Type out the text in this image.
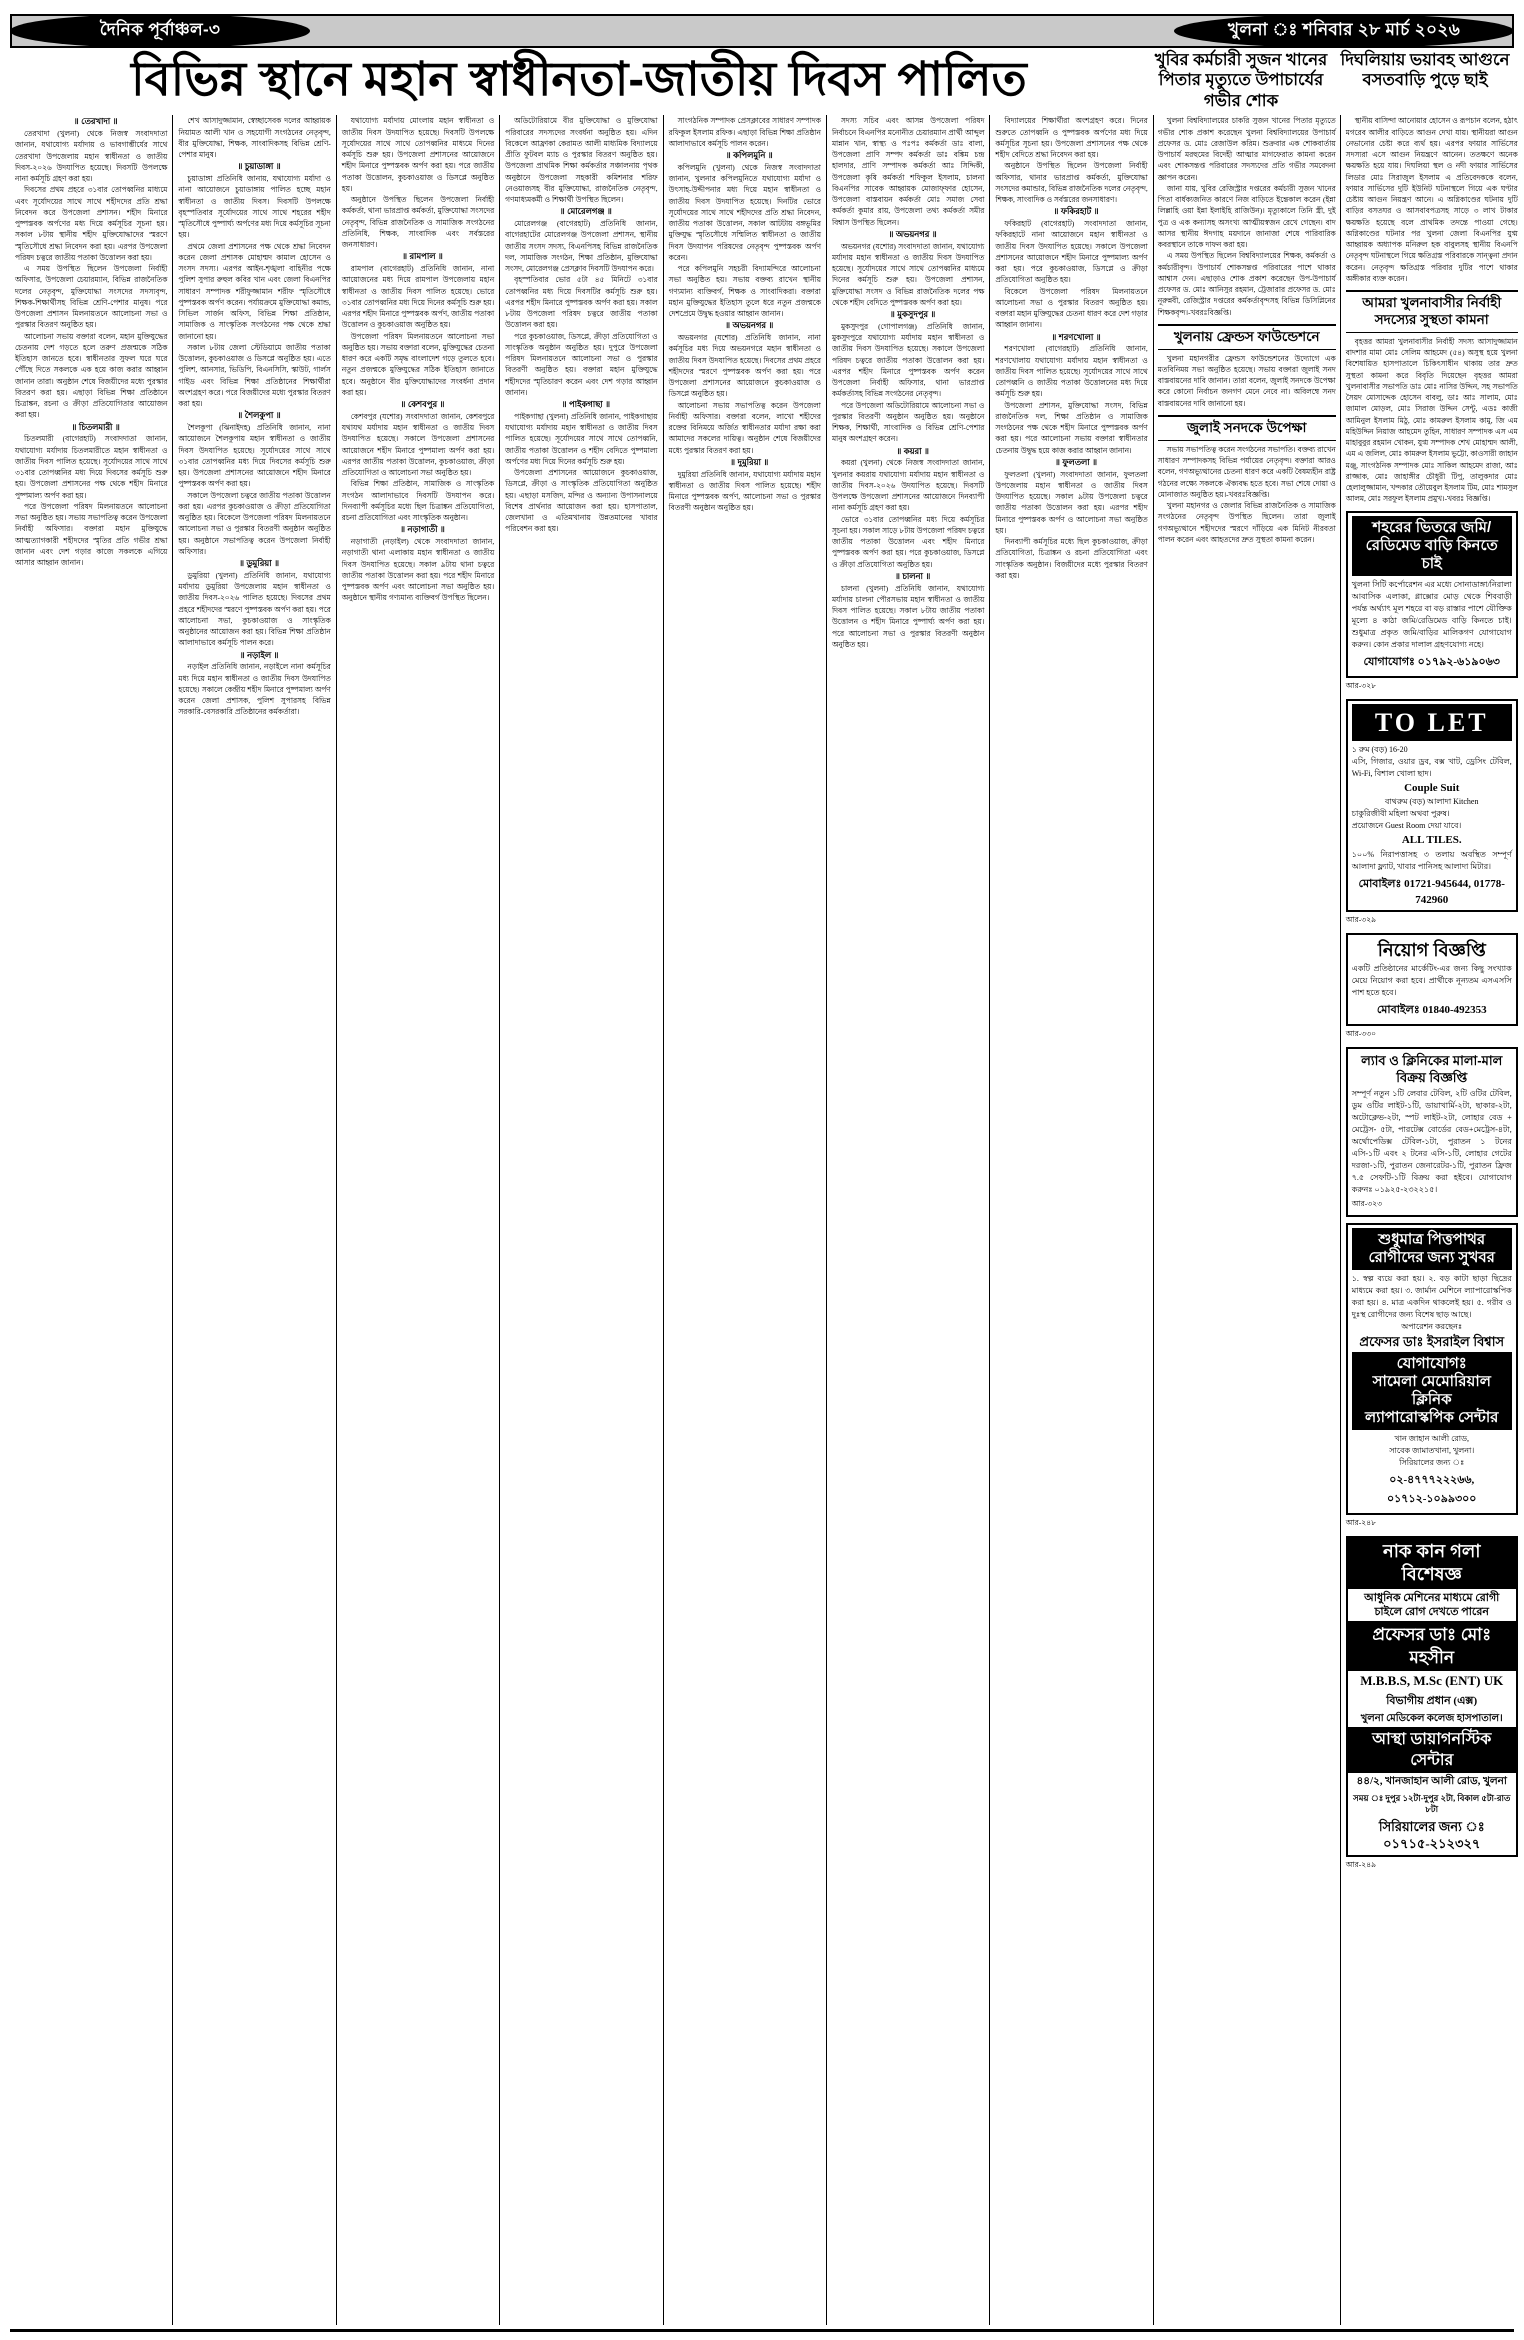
দৈনিক পূর্বাঞ্চল-৩	খুলনা ঃ শনিবার ২৮ মার্চ ২০২৬
বিভিন্ন স্থানে মহান স্বাধীনতা-জাতীয় দিবস পালিত	খুবির কর্মচারী সুজন খানের পিতার মৃত্যুতে উপাচার্যের গভীর শোক
দিঘলিয়ায় ভয়াবহ আগুনে বসতবাড়ি পুড়ে ছাই

॥ তেরখাদা ॥

তেরখাদা (খুলনা) থেকে নিজস্ব সংবাদদাতা জানান, যথাযোগ্য মর্যাদায় ও ভাবগাম্ভীর্যের সাথে তেরখাদা উপজেলায় মহান স্বাধীনতা ও জাতীয় দিবস-২০২৬ উদযাপিত হয়েছে। দিবসটি উপলক্ষে নানা কর্মসূচি গ্রহণ করা হয়।

দিবসের প্রথম প্রহরে ৩১বার তোপধ্বনির মাধ্যমে এবং সূর্যোদয়ের সাথে সাথে শহীদদের প্রতি শ্রদ্ধা নিবেদন করে উপজেলা প্রশাসন। শহীদ মিনারে পুষ্পস্তবক অর্পণের মধ্য দিয়ে কর্মসূচির সূচনা হয়। সকাল ৮টায় স্থানীয় শহীদ মুক্তিযোদ্ধাদের স্মরণে স্মৃতিসৌধে শ্রদ্ধা নিবেদন করা হয়। এরপর উপজেলা পরিষদ চত্বরে জাতীয় পতাকা উত্তোলন করা হয়।

এ সময় উপস্থিত ছিলেন উপজেলা নির্বাহী অফিসার, উপজেলা চেয়ারম্যান, বিভিন্ন রাজনৈতিক দলের নেতৃবৃন্দ, মুক্তিযোদ্ধা সংসদের সদস্যবৃন্দ, শিক্ষক-শিক্ষার্থীসহ বিভিন্ন শ্রেণি-পেশার মানুষ। পরে উপজেলা প্রশাসন মিলনায়তনে আলোচনা সভা ও পুরস্কার বিতরণ অনুষ্ঠিত হয়।

আলোচনা সভায় বক্তারা বলেন, মহান মুক্তিযুদ্ধের চেতনায় দেশ গড়তে হলে তরুণ প্রজন্মকে সঠিক ইতিহাস জানতে হবে। স্বাধীনতার সুফল ঘরে ঘরে পৌঁছে দিতে সকলকে এক হয়ে কাজ করার আহ্বান জানান তারা। অনুষ্ঠান শেষে বিজয়ীদের মধ্যে পুরস্কার বিতরণ করা হয়। এছাড়া বিভিন্ন শিক্ষা প্রতিষ্ঠানে চিত্রাঙ্কন, রচনা ও ক্রীড়া প্রতিযোগিতার আয়োজন করা হয়।

॥ চিতলমারী ॥

চিতলমারী (বাগেরহাট) সংবাদদাতা জানান, যথাযোগ্য মর্যাদায় চিতলমারীতে মহান স্বাধীনতা ও জাতীয় দিবস পালিত হয়েছে। সূর্যোদয়ের সাথে সাথে ৩১বার তোপধ্বনির মধ্য দিয়ে দিবসের কর্মসূচি শুরু হয়। উপজেলা প্রশাসনের পক্ষ থেকে শহীদ মিনারে পুষ্পমাল্য অর্পণ করা হয়।

পরে উপজেলা পরিষদ মিলনায়তনে আলোচনা সভা অনুষ্ঠিত হয়। সভায় সভাপতিত্ব করেন উপজেলা নির্বাহী অফিসার। বক্তারা মহান মুক্তিযুদ্ধে আত্মত্যাগকারী শহীদদের স্মৃতির প্রতি গভীর শ্রদ্ধা জানান এবং দেশ গড়ার কাজে সকলকে এগিয়ে আসার আহ্বান জানান।

শেখ আসাদুজ্জামান, স্বেচ্ছাসেবক দলের আহ্বায়ক নিয়ামত আলী খান ও সহযোগী সংগঠনের নেতৃবৃন্দ, বীর মুক্তিযোদ্ধা, শিক্ষক, সাংবাদিকসহ বিভিন্ন শ্রেণি-পেশার মানুষ।

॥ চুয়াডাঙ্গা ॥

চুয়াডাঙ্গা প্রতিনিধি জানায়, যথাযোগ্য মর্যাদা ও নানা আয়োজনে চুয়াডাঙ্গায় পালিত হচ্ছে মহান স্বাধীনতা ও জাতীয় দিবস। দিবসটি উপলক্ষে বৃহস্পতিবার সূর্যোদয়ের সাথে সাথে শহরের শহীদ স্মৃতিসৌধে পুষ্পার্ঘ্য অর্পণের মধ্য দিয়ে কর্মসূচির সূচনা হয়।

প্রথমে জেলা প্রশাসনের পক্ষ থেকে শ্রদ্ধা নিবেদন করেন জেলা প্রশাসক মোহাম্মদ কামাল হোসেন ও সংসদ সদস্য। এরপর আইন-শৃঙ্খলা বাহিনীর পক্ষে পুলিশ সুপার রুহুল কবির খান এবং জেলা বিএনপির সাধারণ সম্পাদক শরীফুজ্জামান শরীফ স্মৃতিসৌধে পুষ্পস্তবক অর্পণ করেন। পর্যায়ক্রমে মুক্তিযোদ্ধা কমান্ড, সিভিল সার্জন অফিস, বিভিন্ন শিক্ষা প্রতিষ্ঠান, সামাজিক ও সাংস্কৃতিক সংগঠনের পক্ষ থেকে শ্রদ্ধা জানানো হয়।

সকাল ৮টায় জেলা স্টেডিয়ামে জাতীয় পতাকা উত্তোলন, কুচকাওয়াজ ও ডিসপ্লে অনুষ্ঠিত হয়। এতে পুলিশ, আনসার, ভিডিপি, বিএনসিসি, স্কাউট, গার্লস গাইড এবং বিভিন্ন শিক্ষা প্রতিষ্ঠানের শিক্ষার্থীরা অংশগ্রহণ করে। পরে বিজয়ীদের মধ্যে পুরস্কার বিতরণ করা হয়।

॥ শৈলকুপা ॥

শৈলকুপা (ঝিনাইদহ) প্রতিনিধি জানান, নানা আয়োজনে শৈলকুপায় মহান স্বাধীনতা ও জাতীয় দিবস উদযাপিত হয়েছে। সূর্যোদয়ের সাথে সাথে ৩১বার তোপধ্বনির মধ্য দিয়ে দিবসের কর্মসূচি শুরু হয়। উপজেলা প্রশাসনের আয়োজনে শহীদ মিনারে পুষ্পস্তবক অর্পণ করা হয়।

সকালে উপজেলা চত্বরে জাতীয় পতাকা উত্তোলন করা হয়। এরপর কুচকাওয়াজ ও ক্রীড়া প্রতিযোগিতা অনুষ্ঠিত হয়। বিকেলে উপজেলা পরিষদ মিলনায়তনে আলোচনা সভা ও পুরস্কার বিতরণী অনুষ্ঠান অনুষ্ঠিত হয়। অনুষ্ঠানে সভাপতিত্ব করেন উপজেলা নির্বাহী অফিসার।

॥ ডুমুরিয়া ॥

ডুমুরিয়া (খুলনা) প্রতিনিধি জানান, যথাযোগ্য মর্যাদায় ডুমুরিয়া উপজেলায় মহান স্বাধীনতা ও জাতীয় দিবস-২০২৬ পালিত হয়েছে। দিবসের প্রথম প্রহরে শহীদদের স্মরণে পুষ্পস্তবক অর্পণ করা হয়। পরে আলোচনা সভা, কুচকাওয়াজ ও সাংস্কৃতিক অনুষ্ঠানের আয়োজন করা হয়। বিভিন্ন শিক্ষা প্রতিষ্ঠান আলাদাভাবে কর্মসূচি পালন করে।

॥ নড়াইল ॥

নড়াইল প্রতিনিধি জানান, নড়াইলে নানা কর্মসূচির মধ্য দিয়ে মহান স্বাধীনতা ও জাতীয় দিবস উদযাপিত হয়েছে। সকালে কেন্দ্রীয় শহীদ মিনারে পুষ্পমাল্য অর্পণ করেন জেলা প্রশাসক, পুলিশ সুপারসহ বিভিন্ন সরকারি-বেসরকারি প্রতিষ্ঠানের কর্মকর্তারা।

যথাযোগ্য মর্যাদায় মোংলায় মহান স্বাধীনতা ও জাতীয় দিবস উদযাপিত হয়েছে। দিবসটি উপলক্ষে সূর্যোদয়ের সাথে সাথে তোপধ্বনির মাধ্যমে দিনের কর্মসূচি শুরু হয়। উপজেলা প্রশাসনের আয়োজনে শহীদ মিনারে পুষ্পস্তবক অর্পণ করা হয়। পরে জাতীয় পতাকা উত্তোলন, কুচকাওয়াজ ও ডিসপ্লে অনুষ্ঠিত হয়।

অনুষ্ঠানে উপস্থিত ছিলেন উপজেলা নির্বাহী কর্মকর্তা, থানা ভারপ্রাপ্ত কর্মকর্তা, মুক্তিযোদ্ধা সংসদের নেতৃবৃন্দ, বিভিন্ন রাজনৈতিক ও সামাজিক সংগঠনের প্রতিনিধি, শিক্ষক, সাংবাদিক এবং সর্বস্তরের জনসাধারণ।

॥ রামপাল ॥

রামপাল (বাগেরহাট) প্রতিনিধি জানান, নানা আয়োজনের মধ্য দিয়ে রামপাল উপজেলায় মহান স্বাধীনতা ও জাতীয় দিবস পালিত হয়েছে। ভোরে ৩১বার তোপধ্বনির মধ্য দিয়ে দিনের কর্মসূচি শুরু হয়। এরপর শহীদ মিনারে পুষ্পস্তবক অর্পণ, জাতীয় পতাকা উত্তোলন ও কুচকাওয়াজ অনুষ্ঠিত হয়।

উপজেলা পরিষদ মিলনায়তনে আলোচনা সভা অনুষ্ঠিত হয়। সভায় বক্তারা বলেন, মুক্তিযুদ্ধের চেতনা ধারণ করে একটি সমৃদ্ধ বাংলাদেশ গড়ে তুলতে হবে। নতুন প্রজন্মকে মুক্তিযুদ্ধের সঠিক ইতিহাস জানাতে হবে। অনুষ্ঠানে বীর মুক্তিযোদ্ধাদের সংবর্ধনা প্রদান করা হয়।

॥ কেশবপুর ॥

কেশবপুর (যশোর) সংবাদদাতা জানান, কেশবপুরে যথাযথ মর্যাদায় মহান স্বাধীনতা ও জাতীয় দিবস উদযাপিত হয়েছে। সকালে উপজেলা প্রশাসনের আয়োজনে শহীদ মিনারে পুষ্পমাল্য অর্পণ করা হয়। এরপর জাতীয় পতাকা উত্তোলন, কুচকাওয়াজ, ক্রীড়া প্রতিযোগিতা ও আলোচনা সভা অনুষ্ঠিত হয়।

বিভিন্ন শিক্ষা প্রতিষ্ঠান, সামাজিক ও সাংস্কৃতিক সংগঠন আলাদাভাবে দিবসটি উদযাপন করে। দিনব্যাপী কর্মসূচির মধ্যে ছিল চিত্রাঙ্কন প্রতিযোগিতা, রচনা প্রতিযোগিতা এবং সাংস্কৃতিক অনুষ্ঠান।

॥ নড়াগাতী ॥

নড়াগাতী (নড়াইল) থেকে সংবাদদাতা জানান, নড়াগাতী থানা এলাকায় মহান স্বাধীনতা ও জাতীয় দিবস উদযাপিত হয়েছে। সকাল ৯টায় থানা চত্বরে জাতীয় পতাকা উত্তোলন করা হয়। পরে শহীদ মিনারে পুষ্পস্তবক অর্পণ এবং আলোচনা সভা অনুষ্ঠিত হয়। অনুষ্ঠানে স্থানীয় গণ্যমান্য ব্যক্তিবর্গ উপস্থিত ছিলেন।

অডিটোরিয়ামে বীর মুক্তিযোদ্ধা ও মুক্তিযোদ্ধা পরিবারের সদস্যদের সংবর্ধনা অনুষ্ঠিত হয়। এদিন বিকেলে আফ্রাকা কেরামত আলী মাধ্যমিক বিদ্যালয়ে প্রীতি ফুটবল ম্যাচ ও পুরস্কার বিতরণ অনুষ্ঠিত হয়। উপজেলা প্রাথমিক শিক্ষা কর্মকর্তার সঞ্চালনায় পৃথক অনুষ্ঠানে উপজেলা সহকারী কমিশনার শরিফ নেওয়াজসহ বীর মুক্তিযোদ্ধা, রাজনৈতিক নেতৃবৃন্দ, গণমাধ্যমকর্মী ও শিক্ষার্থী উপস্থিত ছিলেন।

॥ মোরেলগঞ্জ ॥

মোরেলগঞ্জ (বাগেরহাট) প্রতিনিধি জানান, বাগেরহাটের মোরেলগঞ্জ উপজেলা প্রশাসন, স্থানীয় জাতীয় সংসদ সদস্য, বিএনপিসহ বিভিন্ন রাজনৈতিক দল, সামাজিক সংগঠন, শিক্ষা প্রতিষ্ঠান, মুক্তিযোদ্ধা সংসদ, মোরেলগঞ্জ প্রেসক্লাব দিবসটি উদযাপন করে।

বৃহস্পতিবার ভোর ৫টা ৪৫ মিনিটে ৩১বার তোপধ্বনির মধ্য দিয়ে দিবসটির কর্মসূচি শুরু হয়। এরপর শহীদ মিনারে পুষ্পস্তবক অর্পণ করা হয়। সকাল ৮টায় উপজেলা পরিষদ চত্বরে জাতীয় পতাকা উত্তোলন করা হয়।

পরে কুচকাওয়াজ, ডিসপ্লে, ক্রীড়া প্রতিযোগিতা ও সাংস্কৃতিক অনুষ্ঠান অনুষ্ঠিত হয়। দুপুরে উপজেলা পরিষদ মিলনায়তনে আলোচনা সভা ও পুরস্কার বিতরণী অনুষ্ঠিত হয়। বক্তারা মহান মুক্তিযুদ্ধে শহীদদের স্মৃতিচারণ করেন এবং দেশ গড়ার আহ্বান জানান।

॥ পাইকগাছা ॥

পাইকগাছা (খুলনা) প্রতিনিধি জানান, পাইকগাছায় যথাযোগ্য মর্যাদায় মহান স্বাধীনতা ও জাতীয় দিবস পালিত হয়েছে। সূর্যোদয়ের সাথে সাথে তোপধ্বনি, জাতীয় পতাকা উত্তোলন ও শহীদ বেদিতে পুষ্পমাল্য অর্পণের মধ্য দিয়ে দিনের কর্মসূচি শুরু হয়।

উপজেলা প্রশাসনের আয়োজনে কুচকাওয়াজ, ডিসপ্লে, ক্রীড়া ও সাংস্কৃতিক প্রতিযোগিতা অনুষ্ঠিত হয়। এছাড়া মসজিদ, মন্দির ও অন্যান্য উপাসনালয়ে বিশেষ প্রার্থনার আয়োজন করা হয়। হাসপাতাল, জেলখানা ও এতিমখানায় উন্নতমানের খাবার পরিবেশন করা হয়।

সাংগঠনিক সম্পাদক প্রেসক্লাবের সাধারণ সম্পাদক রফিকুল ইসলাম রফিক। এছাড়া বিভিন্ন শিক্ষা প্রতিষ্ঠান আলাদাভাবে কর্মসূচি পালন করেন।

॥ কপিলমুনি ॥

কপিলমুনি (খুলনা) থেকে নিজস্ব সংবাদদাতা জানান, খুলনার কপিলমুনিতে যথাযোগ্য মর্যাদা ও উৎসাহ-উদ্দীপনার মধ্য দিয়ে মহান স্বাধীনতা ও জাতীয় দিবস উদযাপিত হয়েছে। দিনটির ভোরে সূর্যোদয়ের সাথে সাথে শহীদদের প্রতি শ্রদ্ধা নিবেদন, জাতীয় পতাকা উত্তোলন, সকাল আটটায় বঙ্গভূমির মুক্তিযুদ্ধ স্মৃতিসৌধে সম্মিলিত স্বাধীনতা ও জাতীয় দিবস উদযাপন পরিষদের নেতৃবৃন্দ পুষ্পস্তবক অর্পণ করেন।

পরে কপিলমুনি সহচরী বিদ্যামন্দিরে আলোচনা সভা অনুষ্ঠিত হয়। সভায় বক্তব্য রাখেন স্থানীয় গণ্যমান্য ব্যক্তিবর্গ, শিক্ষক ও সাংবাদিকরা। বক্তারা মহান মুক্তিযুদ্ধের ইতিহাস তুলে ধরে নতুন প্রজন্মকে দেশপ্রেমে উদ্বুদ্ধ হওয়ার আহ্বান জানান।

॥ অভয়নগর ॥

অভয়নগর (যশোর) প্রতিনিধি জানান, নানা কর্মসূচির মধ্য দিয়ে অভয়নগরে মহান স্বাধীনতা ও জাতীয় দিবস উদযাপিত হয়েছে। দিবসের প্রথম প্রহরে শহীদদের স্মরণে পুষ্পস্তবক অর্পণ করা হয়। পরে উপজেলা প্রশাসনের আয়োজনে কুচকাওয়াজ ও ডিসপ্লে অনুষ্ঠিত হয়।

আলোচনা সভায় সভাপতিত্ব করেন উপজেলা নির্বাহী অফিসার। বক্তারা বলেন, লাখো শহীদের রক্তের বিনিময়ে অর্জিত স্বাধীনতার মর্যাদা রক্ষা করা আমাদের সকলের দায়িত্ব। অনুষ্ঠান শেষে বিজয়ীদের মধ্যে পুরস্কার বিতরণ করা হয়।

॥ দুমুরিয়া ॥

দুমুরিয়া প্রতিনিধি জানান, যথাযোগ্য মর্যাদায় মহান স্বাধীনতা ও জাতীয় দিবস পালিত হয়েছে। শহীদ মিনারে পুষ্পস্তবক অর্পণ, আলোচনা সভা ও পুরস্কার বিতরণী অনুষ্ঠান অনুষ্ঠিত হয়।

সদস্য সচিব এবং আসন্ন উপজেলা পরিষদ নির্বাচনে বিএনপির মনোনীত চেয়ারম্যান প্রার্থী আব্দুল মান্নান খান, স্বাস্থ্য ও পঃপঃ কর্মকর্তা ডাঃ বালা, উপজেলা প্রাণি সম্পদ কর্মকর্তা ডাঃ বঙ্কিম চন্দ্র হালদার, প্রাণি সম্পাদক কর্মকর্তা আঃ সিদ্দিকী, উপজেলা কৃষি কর্মকর্তা শফিকুল ইসলাম, চালনা বিএনপির সাবেক আহ্বায়ক মোজাফ্ফার হোসেন, উপজেলা বাস্তবায়ন কর্মকর্তা মোঃ সমাজ সেবা কর্মকর্তা কুমার রায়, উপজেলা তথ্য কর্মকর্তা সমীর বিশ্বাস উপস্থিত ছিলেন।

॥ অভয়নগর ॥

অভয়নগর (যশোর) সংবাদদাতা জানান, যথাযোগ্য মর্যাদায় মহান স্বাধীনতা ও জাতীয় দিবস উদযাপিত হয়েছে। সূর্যোদয়ের সাথে সাথে তোপধ্বনির মাধ্যমে দিনের কর্মসূচি শুরু হয়। উপজেলা প্রশাসন, মুক্তিযোদ্ধা সংসদ ও বিভিন্ন রাজনৈতিক দলের পক্ষ থেকে শহীদ বেদিতে পুষ্পস্তবক অর্পণ করা হয়।

॥ মুকসুদপুর ॥

মুকসুদপুর (গোপালগঞ্জ) প্রতিনিধি জানান, মুকসুদপুরে যথাযোগ্য মর্যাদায় মহান স্বাধীনতা ও জাতীয় দিবস উদযাপিত হয়েছে। সকালে উপজেলা পরিষদ চত্বরে জাতীয় পতাকা উত্তোলন করা হয়। এরপর শহীদ মিনারে পুষ্পস্তবক অর্পণ করেন উপজেলা নির্বাহী অফিসার, থানা ভারপ্রাপ্ত কর্মকর্তাসহ বিভিন্ন সংগঠনের নেতৃবৃন্দ।

পরে উপজেলা অডিটোরিয়ামে আলোচনা সভা ও পুরস্কার বিতরণী অনুষ্ঠান অনুষ্ঠিত হয়। অনুষ্ঠানে শিক্ষক, শিক্ষার্থী, সাংবাদিক ও বিভিন্ন শ্রেণি-পেশার মানুষ অংশগ্রহণ করেন।

॥ কয়রা ॥

কয়রা (খুলনা) থেকে নিজস্ব সংবাদদাতা জানান, খুলনার কয়রায় যথাযোগ্য মর্যাদায় মহান স্বাধীনতা ও জাতীয় দিবস-২০২৬ উদযাপিত হয়েছে। দিবসটি উপলক্ষে উপজেলা প্রশাসনের আয়োজনে দিনব্যাপী নানা কর্মসূচি গ্রহণ করা হয়।

ভোরে ৩১বার তোপধ্বনির মধ্য দিয়ে কর্মসূচির সূচনা হয়। সকাল সাড়ে ৮টায় উপজেলা পরিষদ চত্বরে জাতীয় পতাকা উত্তোলন এবং শহীদ মিনারে পুষ্পস্তবক অর্পণ করা হয়। পরে কুচকাওয়াজ, ডিসপ্লে ও ক্রীড়া প্রতিযোগিতা অনুষ্ঠিত হয়।

॥ চালনা ॥

চালনা (খুলনা) প্রতিনিধি জানান, যথাযোগ্য মর্যাদায় চালনা পৌরসভায় মহান স্বাধীনতা ও জাতীয় দিবস পালিত হয়েছে। সকাল ৮টায় জাতীয় পতাকা উত্তোলন ও শহীদ মিনারে পুষ্পার্ঘ্য অর্পণ করা হয়। পরে আলোচনা সভা ও পুরস্কার বিতরণী অনুষ্ঠান অনুষ্ঠিত হয়।

বিদ্যালয়ের শিক্ষার্থীরা অংশগ্রহণ করে। দিনের শুরুতে তোপধ্বনি ও পুষ্পস্তবক অর্পণের মধ্য দিয়ে কর্মসূচির সূচনা হয়। উপজেলা প্রশাসনের পক্ষ থেকে শহীদ বেদিতে শ্রদ্ধা নিবেদন করা হয়।

অনুষ্ঠানে উপস্থিত ছিলেন উপজেলা নির্বাহী অফিসার, থানার ভারপ্রাপ্ত কর্মকর্তা, মুক্তিযোদ্ধা সংসদের কমান্ডার, বিভিন্ন রাজনৈতিক দলের নেতৃবৃন্দ, শিক্ষক, সাংবাদিক ও সর্বস্তরের জনসাধারণ।

॥ ফকিরহাট ॥

ফকিরহাট (বাগেরহাট) সংবাদদাতা জানান, ফকিরহাটে নানা আয়োজনে মহান স্বাধীনতা ও জাতীয় দিবস উদযাপিত হয়েছে। সকালে উপজেলা প্রশাসনের আয়োজনে শহীদ মিনারে পুষ্পমাল্য অর্পণ করা হয়। পরে কুচকাওয়াজ, ডিসপ্লে ও ক্রীড়া প্রতিযোগিতা অনুষ্ঠিত হয়।

বিকেলে উপজেলা পরিষদ মিলনায়তনে আলোচনা সভা ও পুরস্কার বিতরণ অনুষ্ঠিত হয়। বক্তারা মহান মুক্তিযুদ্ধের চেতনা ধারণ করে দেশ গড়ার আহ্বান জানান।

॥ শরণখোলা ॥

শরণখোলা (বাগেরহাট) প্রতিনিধি জানান, শরণখোলায় যথাযোগ্য মর্যাদায় মহান স্বাধীনতা ও জাতীয় দিবস পালিত হয়েছে। সূর্যোদয়ের সাথে সাথে তোপধ্বনি ও জাতীয় পতাকা উত্তোলনের মধ্য দিয়ে কর্মসূচি শুরু হয়।

উপজেলা প্রশাসন, মুক্তিযোদ্ধা সংসদ, বিভিন্ন রাজনৈতিক দল, শিক্ষা প্রতিষ্ঠান ও সামাজিক সংগঠনের পক্ষ থেকে শহীদ মিনারে পুষ্পস্তবক অর্পণ করা হয়। পরে আলোচনা সভায় বক্তারা স্বাধীনতার চেতনায় উদ্বুদ্ধ হয়ে কাজ করার আহ্বান জানান।

॥ ফুলতলা ॥

ফুলতলা (খুলনা) সংবাদদাতা জানান, ফুলতলা উপজেলায় মহান স্বাধীনতা ও জাতীয় দিবস উদযাপিত হয়েছে। সকাল ৯টায় উপজেলা চত্বরে জাতীয় পতাকা উত্তোলন করা হয়। এরপর শহীদ মিনারে পুষ্পস্তবক অর্পণ ও আলোচনা সভা অনুষ্ঠিত হয়।

দিনব্যাপী কর্মসূচির মধ্যে ছিল কুচকাওয়াজ, ক্রীড়া প্রতিযোগিতা, চিত্রাঙ্কন ও রচনা প্রতিযোগিতা এবং সাংস্কৃতিক অনুষ্ঠান। বিজয়ীদের মধ্যে পুরস্কার বিতরণ করা হয়।

খুলনা বিশ্ববিদ্যালয়ের চাকরি সুজন খানের পিতার মৃত্যুতে গভীর শোক প্রকাশ করেছেন খুলনা বিশ্ববিদ্যালয়ের উপাচার্য প্রফেসর ড. মোঃ রেজাউল করিম। শুক্রবার এক শোকবার্তায় উপাচার্য মরহুমের বিদেহী আত্মার মাগফেরাত কামনা করেন এবং শোকসন্তপ্ত পরিবারের সদস্যদের প্রতি গভীর সমবেদনা জ্ঞাপন করেন।

জানা যায়, খুবির রেজিস্ট্রার দপ্তরের কর্মচারী সুজন খানের পিতা বার্ধক্যজনিত কারণে নিজ বাড়িতে ইন্তেকাল করেন (ইন্না লিল্লাহি ওয়া ইন্না ইলাইহি রাজিউন)। মৃত্যুকালে তিনি স্ত্রী, দুই পুত্র ও এক কন্যাসহ অসংখ্য আত্মীয়স্বজন রেখে গেছেন। বাদ আসর স্থানীয় ঈদগাহ ময়দানে জানাজা শেষে পারিবারিক কবরস্থানে তাকে দাফন করা হয়।

এ সময় উপস্থিত ছিলেন বিশ্ববিদ্যালয়ের শিক্ষক, কর্মকর্তা ও কর্মচারীবৃন্দ। উপাচার্য শোকসন্তপ্ত পরিবারের পাশে থাকার আশ্বাস দেন। এছাড়াও শোক প্রকাশ করেছেন উপ-উপাচার্য প্রফেসর ড. মোঃ আনিসুর রহমান, ট্রেজারার প্রফেসর ড. মোঃ নূরুন্নবী, রেজিস্ট্রার দপ্তরের কর্মকর্তাবৃন্দসহ বিভিন্ন ডিসিপ্লিনের শিক্ষকবৃন্দ।-খবরঃবিজ্ঞপ্তি।

খুলনায় ফ্রেন্ডস ফাউন্ডেশনে

খুলনা মহানগরীর ফ্রেন্ডস ফাউন্ডেশনের উদ্যোগে এক মতবিনিময় সভা অনুষ্ঠিত হয়েছে। সভায় বক্তারা জুলাই সনদ বাস্তবায়নের দাবি জানান। তারা বলেন, জুলাই সনদকে উপেক্ষা করে কোনো নির্বাচন জনগণ মেনে নেবে না। অবিলম্বে সনদ বাস্তবায়নের দাবি জানানো হয়।

জুলাই সনদকে উপেক্ষা

সভায় সভাপতিত্ব করেন সংগঠনের সভাপতি। বক্তব্য রাখেন সাধারণ সম্পাদকসহ বিভিন্ন পর্যায়ের নেতৃবৃন্দ। বক্তারা আরও বলেন, গণঅভ্যুত্থানের চেতনা ধারণ করে একটি বৈষম্যহীন রাষ্ট্র গঠনের লক্ষ্যে সকলকে ঐক্যবদ্ধ হতে হবে। সভা শেষে দোয়া ও মোনাজাত অনুষ্ঠিত হয়।-খবরঃবিজ্ঞপ্তি।

খুলনা মহানগর ও জেলার বিভিন্ন রাজনৈতিক ও সামাজিক সংগঠনের নেতৃবৃন্দ উপস্থিত ছিলেন। তারা জুলাই গণঅভ্যুত্থানে শহীদদের স্মরণে দাঁড়িয়ে এক মিনিট নীরবতা পালন করেন এবং আহতদের দ্রুত সুস্থতা কামনা করেন।

স্থানীয় বাসিন্দা আনোয়ার হোসেন ও রূপচান বলেন, হঠাৎ মগরেব আলীর বাড়িতে আগুন দেখা যায়। স্থানীয়রা আগুন নেভানোর চেষ্টা করে ব্যর্থ হয়। এরপর ফায়ার সার্ভিসের সদস্যরা এসে আগুন নিয়ন্ত্রণে আনেন। ততক্ষণে অনেক ক্ষয়ক্ষতি হয়ে যায়। দিঘলিয়া স্থল ও নদী ফায়ার সার্ভিসের লিডার মোঃ সিরাজুল ইসলাম এ প্রতিবেদককে বলেন, ফায়ার সার্ভিসের দুটি ইউনিট ঘটনাস্থলে গিয়ে এক ঘণ্টার চেষ্টায় আগুন নিয়ন্ত্রণ আনে। এ অগ্নিকাণ্ডের ঘটনায় দুটি বাড়ির বসতঘর ও আসবাবপত্রসহ সাড়ে ৩ লাখ টাকার ক্ষয়ক্ষতি হয়েছে বলে প্রাথমিক তদন্তে পাওয়া গেছে। অগ্নিকাণ্ডের ঘটনার পর খুলনা জেলা বিএনপির যুগ্ম আহ্বায়ক অধ্যাপক মনিরুল হক বাবুলসহ স্থানীয় বিএনপি নেতৃবৃন্দ ঘটনাস্থলে গিয়ে ক্ষতিগ্রস্ত পরিবারকে সান্ত্বনা প্রদান করেন। নেতৃবৃন্দ ক্ষতিগ্রস্ত পরিবার দুটির পাশে থাকার অঙ্গীকার ব্যক্ত করেন।

আমরা খুলনাবাসীর নির্বাহী সদস্যের সুস্থতা কামনা

বৃহত্তর আমরা খুলনাবাসীর নির্বাহী সদস্য আসাদুজ্জামান বাদশার মামা মোঃ সেলিম আহমেদ (৫৪) অসুস্থ হয়ে খুলনা বিশেষায়িত হাসপাতালে চিকিৎসাধীন থাকায় তার দ্রুত সুস্থতা কামনা করে বিবৃতি দিয়েছেন বৃহত্তর আমরা খুলনাবাসীর সভাপতি ডাঃ মোঃ নাসির উদ্দিন, সহ সভাপতি সৈয়দ মোসাদ্দেক হোসেন বাবলু, ডাঃ আঃ সালাম, মোঃ জামাল মোড়ল, মোঃ সিরাজ উদ্দিন সেন্টু, এডঃ কাজী আমিনুল ইসলাম মিঠু, মোঃ কামরুল ইসলাম কামু, জি এম মহিউদ্দিন নিয়াজ আহমেদ তুহিন, সাধারণ সম্পাদক এস এম মাহাবুবুর রহমান খোকন, যুগ্ম সম্পাদক শেখ মোহাম্মদ আলী, এম এ জলিল, মোঃ কামরুল ইসলাম ভুট্টো, কাওসারী জাহান মঞ্জু, সাংগঠনিক সম্পাদক মোঃ সাকিল আহমেদ রাজা, আঃ রাজ্জাক, মোঃ জাহাঙ্গীর চৌধুরী টিপু, তালুকদার মোঃ হেলালুজ্জামান, খন্দকার তৌয়েবুল ইসলাম টিম, মোঃ শামসুল আলম, মোঃ সরফুল ইসলাম প্রমুখ।-খবরঃ বিজ্ঞপ্তি।

শহরের ভিতরে জমি/
রেডিমেড বাড়ি কিনতে চাই

খুলনা সিটি কর্পোরেশন এর মধ্যে সোনাডাঙ্গা/নিরালা আবাসিক এলাকা, গ্লাক্সোর মোড় থেকে শিববাড়ী পর্যন্ত অর্থ্যাৎ মূল শহরে বা বড় রাস্তার পাশে যৌক্তিক মূল্যে ৪ কাঠা জমি/রেডিমেড বাড়ি কিনতে চাই। শুধুমাত্র প্রকৃত জমি/বাড়ির মালিকগণ যোগাযোগ করুন। কোন প্রকার দালাল গ্রহণযোগ্য নহে।

যোগাযোগঃ ০১৭৯২-৬১৯০৬৩
আর-৩২৮
TO LET

১ রুম (বড়) 16-20

এসি, গিজার, ওয়ার ড্রব, বক্স খাট, ড্রেসিং টেবিল, Wi-Fi, বিশাল খোলা ছাদ।

Couple Suit

বাথরুম (বড়) আলাদা Kitchen

চাকুরিজীবী মহিলা অথবা পুরুষ।

প্রয়োজনে Guest Room দেয়া যাবে।

ALL TILES.

১০০% নিরাপত্তাসহ ৩ তলায় অবস্থিত সম্পূর্ণ আলাদা ফ্ল্যাট, খাবার পানিসহ আলাদা মিটার।

মোবাইলঃ 01721-945644, 01778-742960
আর-৩২৯
নিয়োগ বিজ্ঞপ্তি

একটি প্রতিষ্ঠানের মার্কেটিং-এর জন্য কিছু সংখ্যাক মেয়ে নিয়োগ করা হবে। প্রার্থীকে নূন্যতম এসএসসি পাশ হতে হবে।

মোবাইলঃ 01840-492353
আর-৩৩০
ল্যাব ও ক্লিনিকের মালা-মাল
বিক্রয় বিজ্ঞপ্তি

সম্পূর্ণ নতুন ১টি লেবার টেবিল, ২টি ওটির টেবিল, ডুম ওটির লাইট-১টি, ডায়াখার্মি-২টা, ছাকার-২টা, অটোক্লেভ-২টা, স্পট লাইট-২টা, লোহার বেড + মেট্রেস- ৫টা, পারটেক্স বোর্ডের বেড+মেট্রেস-৪টা, অর্থোপেডিক্স টেবিল-১টা, পুরাতন ১ টনের এসি-১টি এবং ২ টনের এসি-১টি, লোহার গেটের দরজা-১টি, পুরাতন জেনারেটর-১টি, পুরাতন ফ্রিজ ৭.৫ সেফটি-১টি বিক্রয় করা হইবে। যোগাযোগ করুনঃ ০১৯২৫-২৩২২১৫।

আর-৩২৩
শুধুমাত্র পিত্তপাথর
রোগীদের জন্য সুখবর

১. স্বল্প ব্যয়ে করা হয়। ২. বড় কাটা ছাড়া ছিদ্রের মাধ্যমে করা হয়। ৩. জার্মান মেশিনে ল্যাপারোস্কপিক করা হয়। ৪. মাত্র একদিন থাকলেই হয়। ৫. গরীব ও দুঃস্থ রোগীদের জন্য বিশেষ ছাড় আছে।

অপারেশন করছেনঃ

প্রফেসর ডাঃ ইসরাইল বিশ্বাস
যোগাযোগঃ
সামেলা মেমোরিয়াল ক্লিনিক
ল্যাপারোস্কপিক সেন্টার

খান জাহান আলী রোড,

সাবেক জামাতখানা, খুলনা।

সিরিয়ালের জন্য ঃ

০২-৪৭৭৭২২২৬৬, ০১৭১২-১০৯৯৩০০
আর-২৪৮
নাক কান গলা বিশেষজ্ঞ
আধুনিক মেশিনের মাধ্যমে রোগী
চাইলে রোগ দেখতে পারেন
প্রফেসর ডাঃ মোঃ মহসীন
M.B.B.S, M.Sc (ENT) UK
বিভাগীয় প্রধান (এক্স)
খুলনা মেডিকেল কলেজ হাসপাতাল।
আস্থা ডায়াগনস্টিক সেন্টার
৪৪/২, খানজাহান আলী রোড, খুলনা
সময় ঃ দুপুর ১২টা-দুপুর ২টা, বিকাল ৫টা-রাত ৮টা
সিরিয়ালের জন্য ঃ ০১৭১৫-২১২৩২৭
আর-২৪৯
